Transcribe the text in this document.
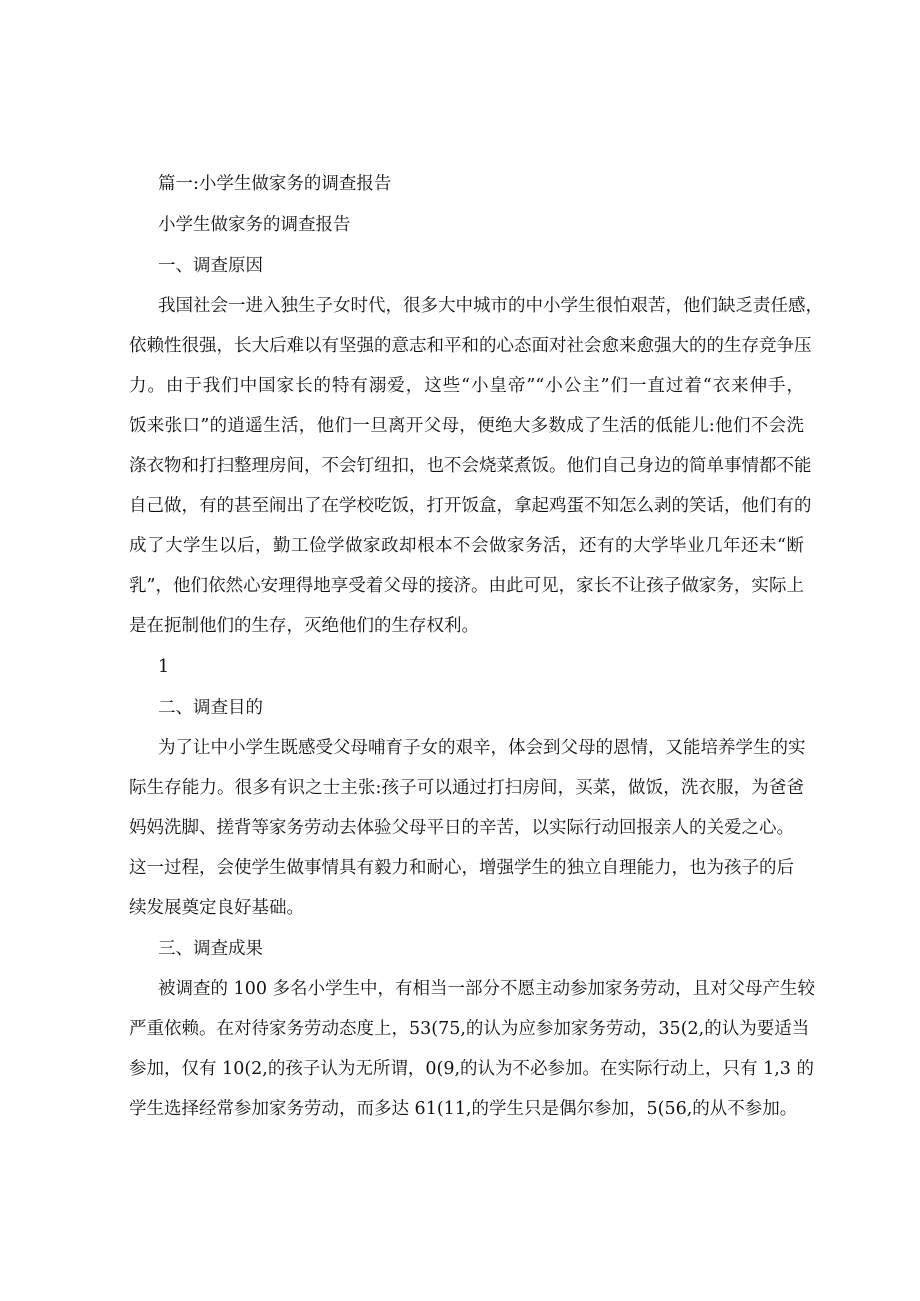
篇一:小学生做家务的调查报告

小学生做家务的调查报告

一、调查原因

我国社会一进入独生子女时代，很多大中城市的中小学生很怕艰苦，他们缺乏责任感，

依赖性很强，长大后难以有坚强的意志和平和的心态面对社会愈来愈强大的的生存竞争压

力。由于我们中国家长的特有溺爱，这些“小皇帝”“小公主”们一直过着“衣来伸手，

饭来张口”的逍遥生活，他们一旦离开父母，便绝大多数成了生活的低能儿:他们不会洗

涤衣物和打扫整理房间，不会钉纽扣，也不会烧菜煮饭。他们自己身边的简单事情都不能

自己做，有的甚至闹出了在学校吃饭，打开饭盒，拿起鸡蛋不知怎么剥的笑话，他们有的

成了大学生以后，勤工俭学做家政却根本不会做家务活，还有的大学毕业几年还未“断

乳”，他们依然心安理得地享受着父母的接济。由此可见，家长不让孩子做家务，实际上

是在扼制他们的生存，灭绝他们的生存权利。

1

二、调查目的

为了让中小学生既感受父母哺育子女的艰辛，体会到父母的恩情，又能培养学生的实

际生存能力。很多有识之士主张:孩子可以通过打扫房间，买菜，做饭，洗衣服，为爸爸

妈妈洗脚、搓背等家务劳动去体验父母平日的辛苦，以实际行动回报亲人的关爱之心。

这一过程，会使学生做事情具有毅力和耐心，增强学生的独立自理能力，也为孩子的后

续发展奠定良好基础。

三、调查成果

被调查的 100 多名小学生中，有相当一部分不愿主动参加家务劳动，且对父母产生较

严重依赖。在对待家务劳动态度上，53(75,的认为应参加家务劳动，35(2,的认为要适当

参加，仅有 10(2,的孩子认为无所谓，0(9,的认为不必参加。在实际行动上，只有 1,3 的

学生选择经常参加家务劳动，而多达 61(11,的学生只是偶尔参加，5(56,的从不参加。
